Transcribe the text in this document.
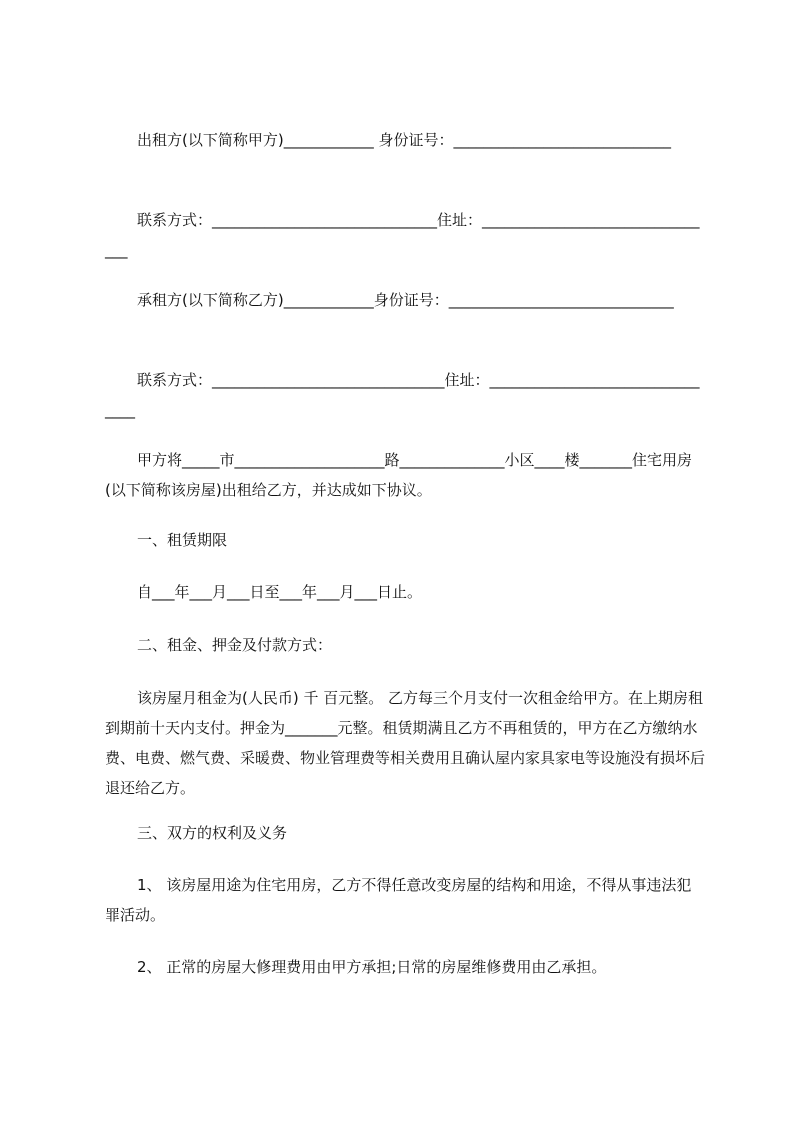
出租方(以下简称甲方)____________ 身份证号：_____________________________

联系方式：______________________________住址：________________________________

承租方(以下简称乙方)____________身份证号：______________________________

联系方式：_______________________________住址：________________________________

甲方将_____市____________________路______________小区____楼_______住宅用房(以下简称该房屋)出租给乙方，并达成如下协议。

一、租赁期限

自___年___月___日至___年___月___日止。

二、租金、押金及付款方式：

该房屋月租金为(人民币) 千 百元整。 乙方每三个月支付一次租金给甲方。在上期房租到期前十天内支付。押金为_______元整。租赁期满且乙方不再租赁的，甲方在乙方缴纳水费、电费、燃气费、采暖费、物业管理费等相关费用且确认屋内家具家电等设施没有损坏后退还给乙方。

三、双方的权利及义务

1、 该房屋用途为住宅用房，乙方不得任意改变房屋的结构和用途，不得从事违法犯罪活动。

2、 正常的房屋大修理费用由甲方承担;日常的房屋维修费用由乙承担。
